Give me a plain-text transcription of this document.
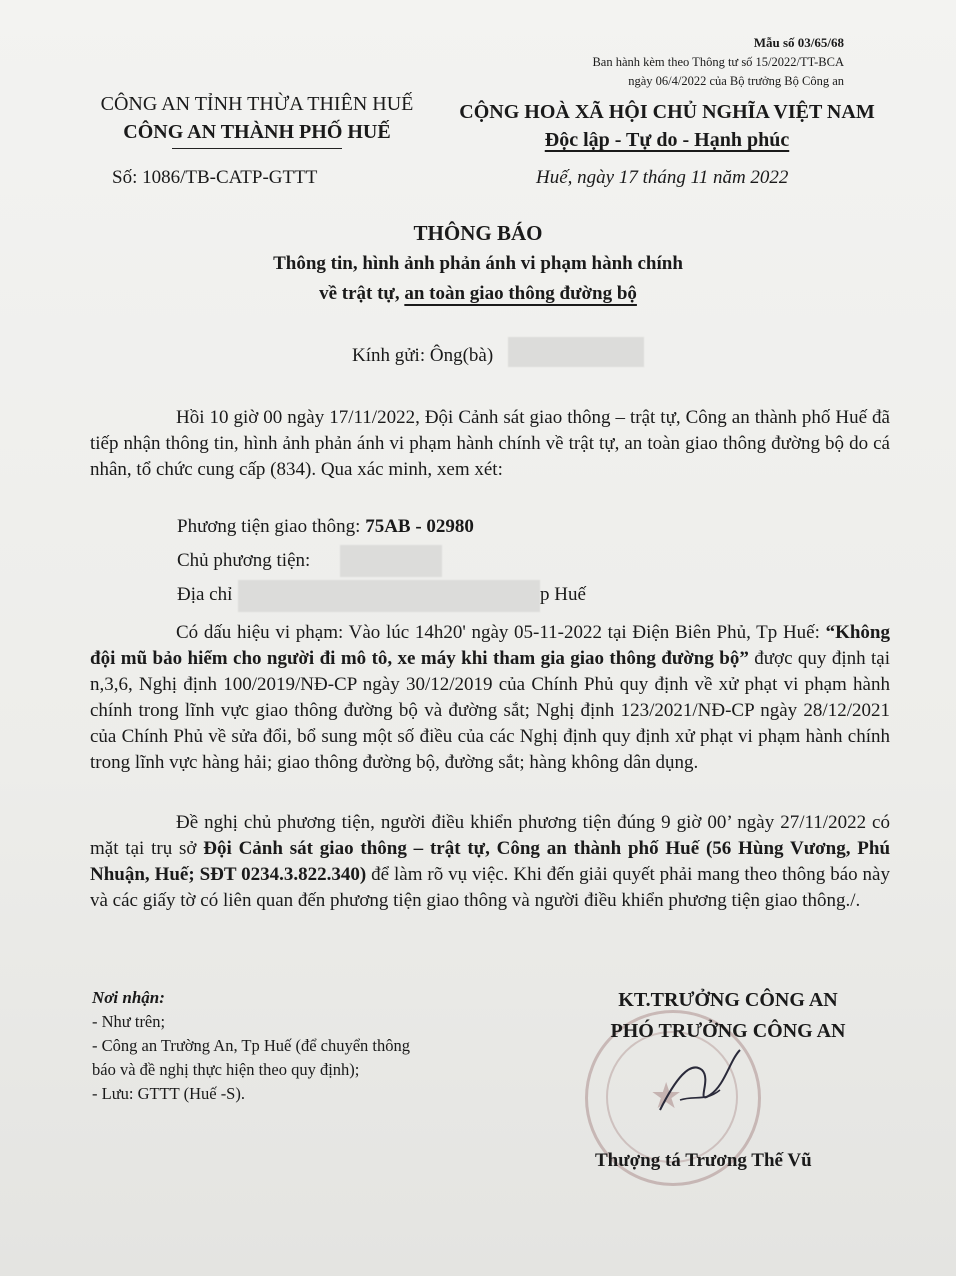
Mẫu số 03/65/68
Ban hành kèm theo Thông tư số 15/2022/TT-BCA
ngày 06/4/2022 của Bộ trưởng Bộ Công an
CÔNG AN TỈNH THỪA THIÊN HUẾ
CÔNG AN THÀNH PHỐ HUẾ
CỘNG HOÀ XÃ HỘI CHỦ NGHĨA VIỆT NAM
Độc lập - Tự do - Hạnh phúc
Số: 1086/TB-CATP-GTTT	Huế, ngày 17 tháng 11 năm 2022
THÔNG BÁO
Thông tin, hình ảnh phản ánh vi phạm hành chính
về trật tự, an toàn giao thông đường bộ
Kính gửi: Ông(bà)
Hồi 10 giờ 00 ngày 17/11/2022, Đội Cảnh sát giao thông – trật tự, Công an thành phố Huế đã tiếp nhận thông tin, hình ảnh phản ánh vi phạm hành chính về trật tự, an toàn giao thông đường bộ do cá nhân, tổ chức cung cấp (834). Qua xác minh, xem xét:
Phương tiện giao thông: 75AB - 02980
Chủ phương tiện:
Địa chỉ	p Huế
Có dấu hiệu vi phạm: Vào lúc 14h20' ngày 05-11-2022 tại Điện Biên Phủ, Tp Huế: “Không đội mũ bảo hiểm cho người đi mô tô, xe máy khi tham gia giao thông đường bộ” được quy định tại n,3,6, Nghị định 100/2019/NĐ-CP ngày 30/12/2019 của Chính Phủ quy định về xử phạt vi phạm hành chính trong lĩnh vực giao thông đường bộ và đường sắt; Nghị định 123/2021/NĐ-CP ngày 28/12/2021 của Chính Phủ về sửa đổi, bổ sung một số điều của các Nghị định quy định xử phạt vi phạm hành chính trong lĩnh vực hàng hải; giao thông đường bộ, đường sắt; hàng không dân dụng.
Đề nghị chủ phương tiện, người điều khiển phương tiện đúng 9 giờ 00’ ngày 27/11/2022 có mặt tại trụ sở Đội Cảnh sát giao thông – trật tự, Công an thành phố Huế (56 Hùng Vương, Phú Nhuận, Huế; SĐT 0234.3.822.340) để làm rõ vụ việc. Khi đến giải quyết phải mang theo thông báo này và các giấy tờ có liên quan đến phương tiện giao thông và người điều khiển phương tiện giao thông./.
Nơi nhận:
- Như trên;
- Công an Trường An, Tp Huế (để chuyển thông
báo và đề nghị thực hiện theo quy định);
- Lưu: GTTT (Huế -S).	★
KT.TRƯỞNG CÔNG AN
PHÓ TRƯỞNG CÔNG AN
Thượng tá Trương Thế Vũ
